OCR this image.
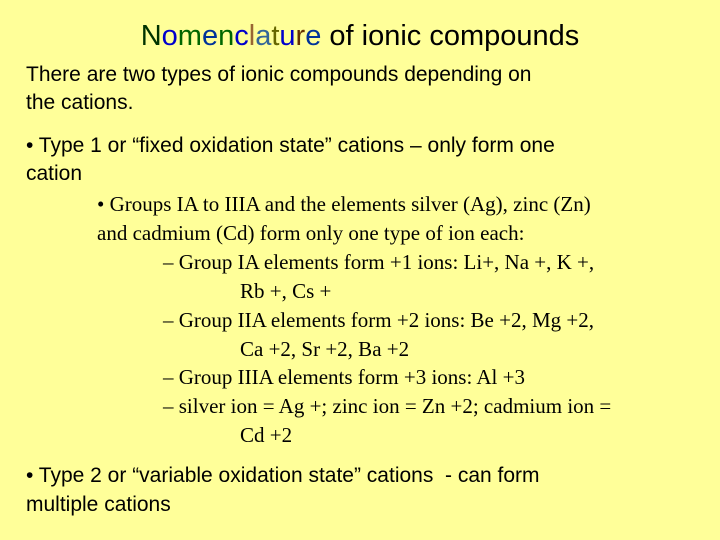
Nomenclature of ionic compounds
There are two types of ionic compounds depending on
the cations.
• Type 1 or “fixed oxidation state” cations – only form one
cation
• Groups IA to IIIA and the elements silver (Ag), zinc (Zn)
and cadmium (Cd) form only one type of ion each:
– Group IA elements form +1 ions: Li+, Na +, K +,
Rb +, Cs +
– Group IIA elements form +2 ions: Be +2, Mg +2,
Ca +2, Sr +2, Ba +2
– Group IIIA elements form +3 ions: Al +3
– silver ion = Ag +; zinc ion = Zn +2; cadmium ion =
Cd +2
• Type 2 or “variable oxidation state” cations  - can form
multiple cations
